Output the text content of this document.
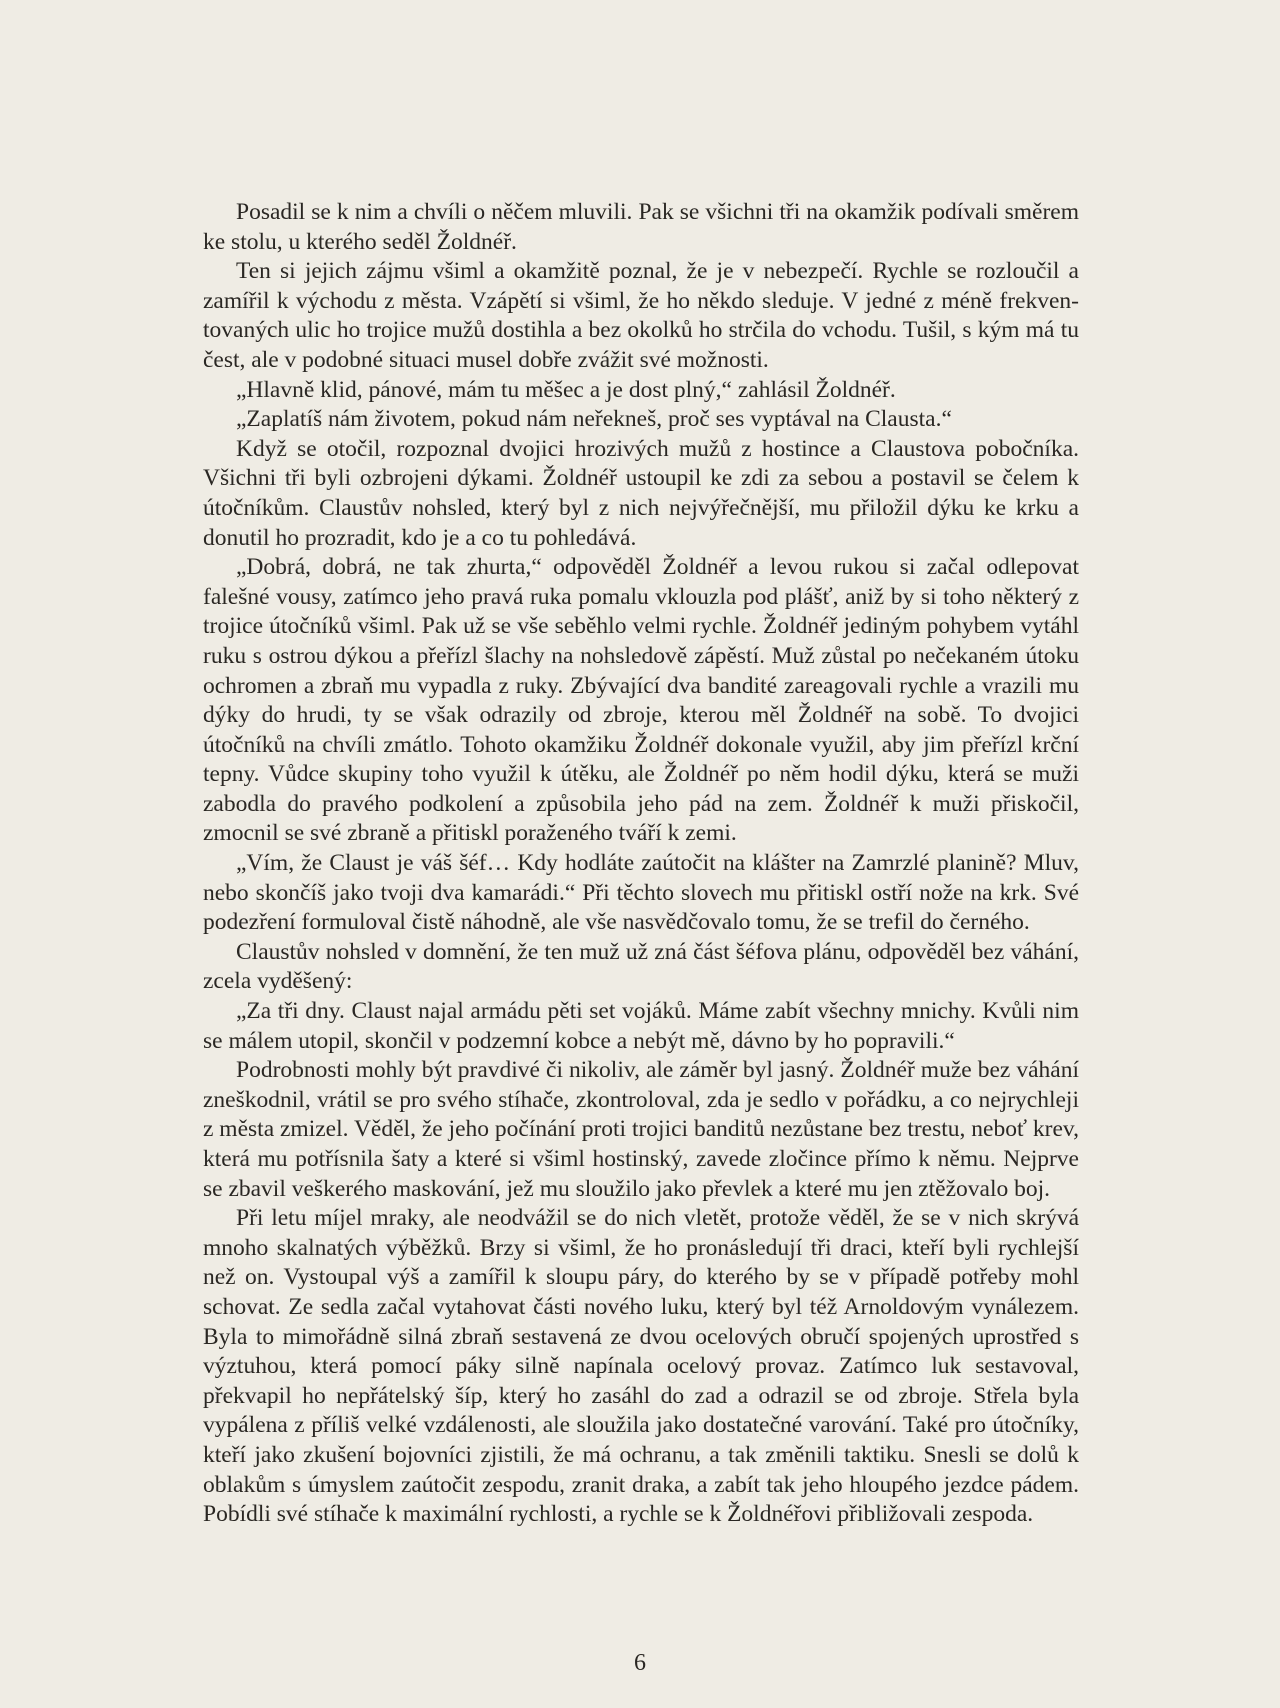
Posadil se k nim a chvíli o něčem mluvili. Pak se všichni tři na okamžik podívali směrem ke stolu, u kterého seděl Žoldnéř.

Ten si jejich zájmu všiml a okamžitě poznal, že je v nebezpečí. Rychle se rozloučil a zamířil k východu z města. Vzápětí si všiml, že ho někdo sleduje. V jedné z méně frekventovaných ulic ho trojice mužů dostihla a bez okolků ho strčila do vchodu. Tušil, s kým má tu čest, ale v podobné situaci musel dobře zvážit své možnosti.

„Hlavně klid, pánové, mám tu měšec a je dost plný,“ zahlásil Žoldnéř.

„Zaplatíš nám životem, pokud nám neřekneš, proč ses vyptával na Clausta.“

Když se otočil, rozpoznal dvojici hrozivých mužů z hostince a Claustova pobočníka. Všichni tři byli ozbrojeni dýkami. Žoldnéř ustoupil ke zdi za sebou a postavil se čelem k útočníkům. Claustův nohsled, který byl z nich nejvýřečnější, mu přiložil dýku ke krku a donutil ho prozradit, kdo je a co tu pohledává.

„Dobrá, dobrá, ne tak zhurta,“ odpověděl Žoldnéř a levou rukou si začal odlepovat falešné vousy, zatímco jeho pravá ruka pomalu vklouzla pod plášť, aniž by si toho některý z trojice útočníků všiml. Pak už se vše seběhlo velmi rychle. Žoldnéř jediným pohybem vytáhl ruku s ostrou dýkou a přeřízl šlachy na nohsledově zápěstí. Muž zůstal po nečekaném útoku ochromen a zbraň mu vypadla z ruky. Zbývající dva bandité zareagovali rychle a vrazili mu dýky do hrudi, ty se však odrazily od zbroje, kterou měl Žoldnéř na sobě. To dvojici útočníků na chvíli zmátlo. Tohoto okamžiku Žoldnéř dokonale využil, aby jim přeřízl krční tepny. Vůdce skupiny toho využil k útěku, ale Žoldnéř po něm hodil dýku, která se muži zabodla do pravého podkolení a způsobila jeho pád na zem. Žoldnéř k muži přiskočil, zmocnil se své zbraně a přitiskl poraženého tváří k zemi.

„Vím, že Claust je váš šéf… Kdy hodláte zaútočit na klášter na Zamrzlé planině? Mluv, nebo skončíš jako tvoji dva kamarádi.“ Při těchto slovech mu přitiskl ostří nože na krk. Své podezření formuloval čistě náhodně, ale vše nasvědčovalo tomu, že se trefil do černého.

Claustův nohsled v domnění, že ten muž už zná část šéfova plánu, odpověděl bez váhání, zcela vyděšený:

„Za tři dny. Claust najal armádu pěti set vojáků. Máme zabít všechny mnichy. Kvůli nim se málem utopil, skončil v podzemní kobce a nebýt mě, dávno by ho popravili.“

Podrobnosti mohly být pravdivé či nikoliv, ale záměr byl jasný. Žoldnéř muže bez váhání zneškodnil, vrátil se pro svého stíhače, zkontroloval, zda je sedlo v pořádku, a co nejrychleji z města zmizel. Věděl, že jeho počínání proti trojici banditů nezůstane bez trestu, neboť krev, která mu potřísnila šaty a které si všiml hostinský, zavede zločince přímo k němu. Nejprve se zbavil veškerého maskování, jež mu sloužilo jako převlek a které mu jen ztěžovalo boj.

Při letu míjel mraky, ale neodvážil se do nich vletět, protože věděl, že se v nich skrývá mnoho skalnatých výběžků. Brzy si všiml, že ho pronásledují tři draci, kteří byli rychlejší než on. Vystoupal výš a zamířil k sloupu páry, do kterého by se v případě potřeby mohl schovat. Ze sedla začal vytahovat části nového luku, který byl též Arnoldovým vynálezem. Byla to mimořádně silná zbraň sestavená ze dvou ocelových obručí spojených uprostřed s výztuhou, která pomocí páky silně napínala ocelový provaz. Zatímco luk sestavoval, překvapil ho nepřátelský šíp, který ho zasáhl do zad a odrazil se od zbroje. Střela byla vypálena z příliš velké vzdálenosti, ale sloužila jako dostatečné varování. Také pro útočníky, kteří jako zkušení bojovníci zjistili, že má ochranu, a tak změnili taktiku. Snesli se dolů k oblakům s úmyslem zaútočit zespodu, zranit draka, a zabít tak jeho hloupého jezdce pádem. Pobídli své stíhače k maximální rychlosti, a rychle se k Žoldnéřovi přibližovali zespoda.

6
